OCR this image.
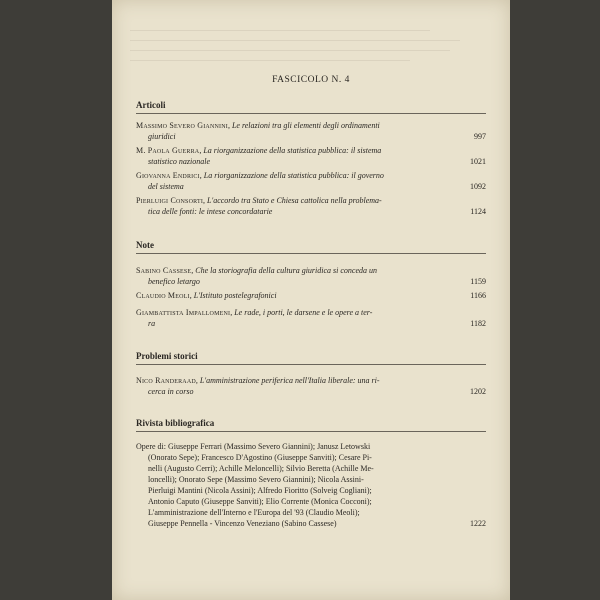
FASCICOLO N. 4
Articoli
Massimo Severo Giannini, Le relazioni tra gli elementi degli ordinamenti
giuridici	997
M. Paola Guerra, La riorganizzazione della statistica pubblica: il sistema
statistico nazionale	1021
Giovanna Endrici, La riorganizzazione della statistica pubblica: il governo
del sistema	1092
Pierluigi Consorti, L'accordo tra Stato e Chiesa cattolica nella problema-
tica delle fonti: le intese concordatarie	1124
Note
Sabino Cassese, Che la storiografia della cultura giuridica si conceda un
benefico letargo	1159
Claudio Meoli, L'Istituto postelegrafonici	1166
Giambattista Impallomeni, Le rade, i porti, le darsene e le opere a ter-
ra	1182
Problemi storici
Nico Randeraad, L'amministrazione periferica nell'Italia liberale: una ri-
cerca in corso	1202
Rivista bibliografica
Opere di: Giuseppe Ferrari (Massimo Severo Giannini); Janusz Letowski
(Onorato Sepe); Francesco D'Agostino (Giuseppe Sanviti); Cesare Pi-
nelli (Augusto Cerri); Achille Meloncelli); Silvio Beretta (Achille Me-
loncelli); Onorato Sepe (Massimo Severo Giannini); Nicola Assini-
Pierluigi Mantini (Nicola Assini); Alfredo Fioritto (Solveig Cogliani);
Antonio Caputo (Giuseppe Sanviti); Elio Corrente (Monica Cocconi);
L'amministrazione dell'Interno e l'Europa del '93 (Claudio Meoli);
Giuseppe Pennella - Vincenzo Veneziano (Sabino Cassese)	1222
